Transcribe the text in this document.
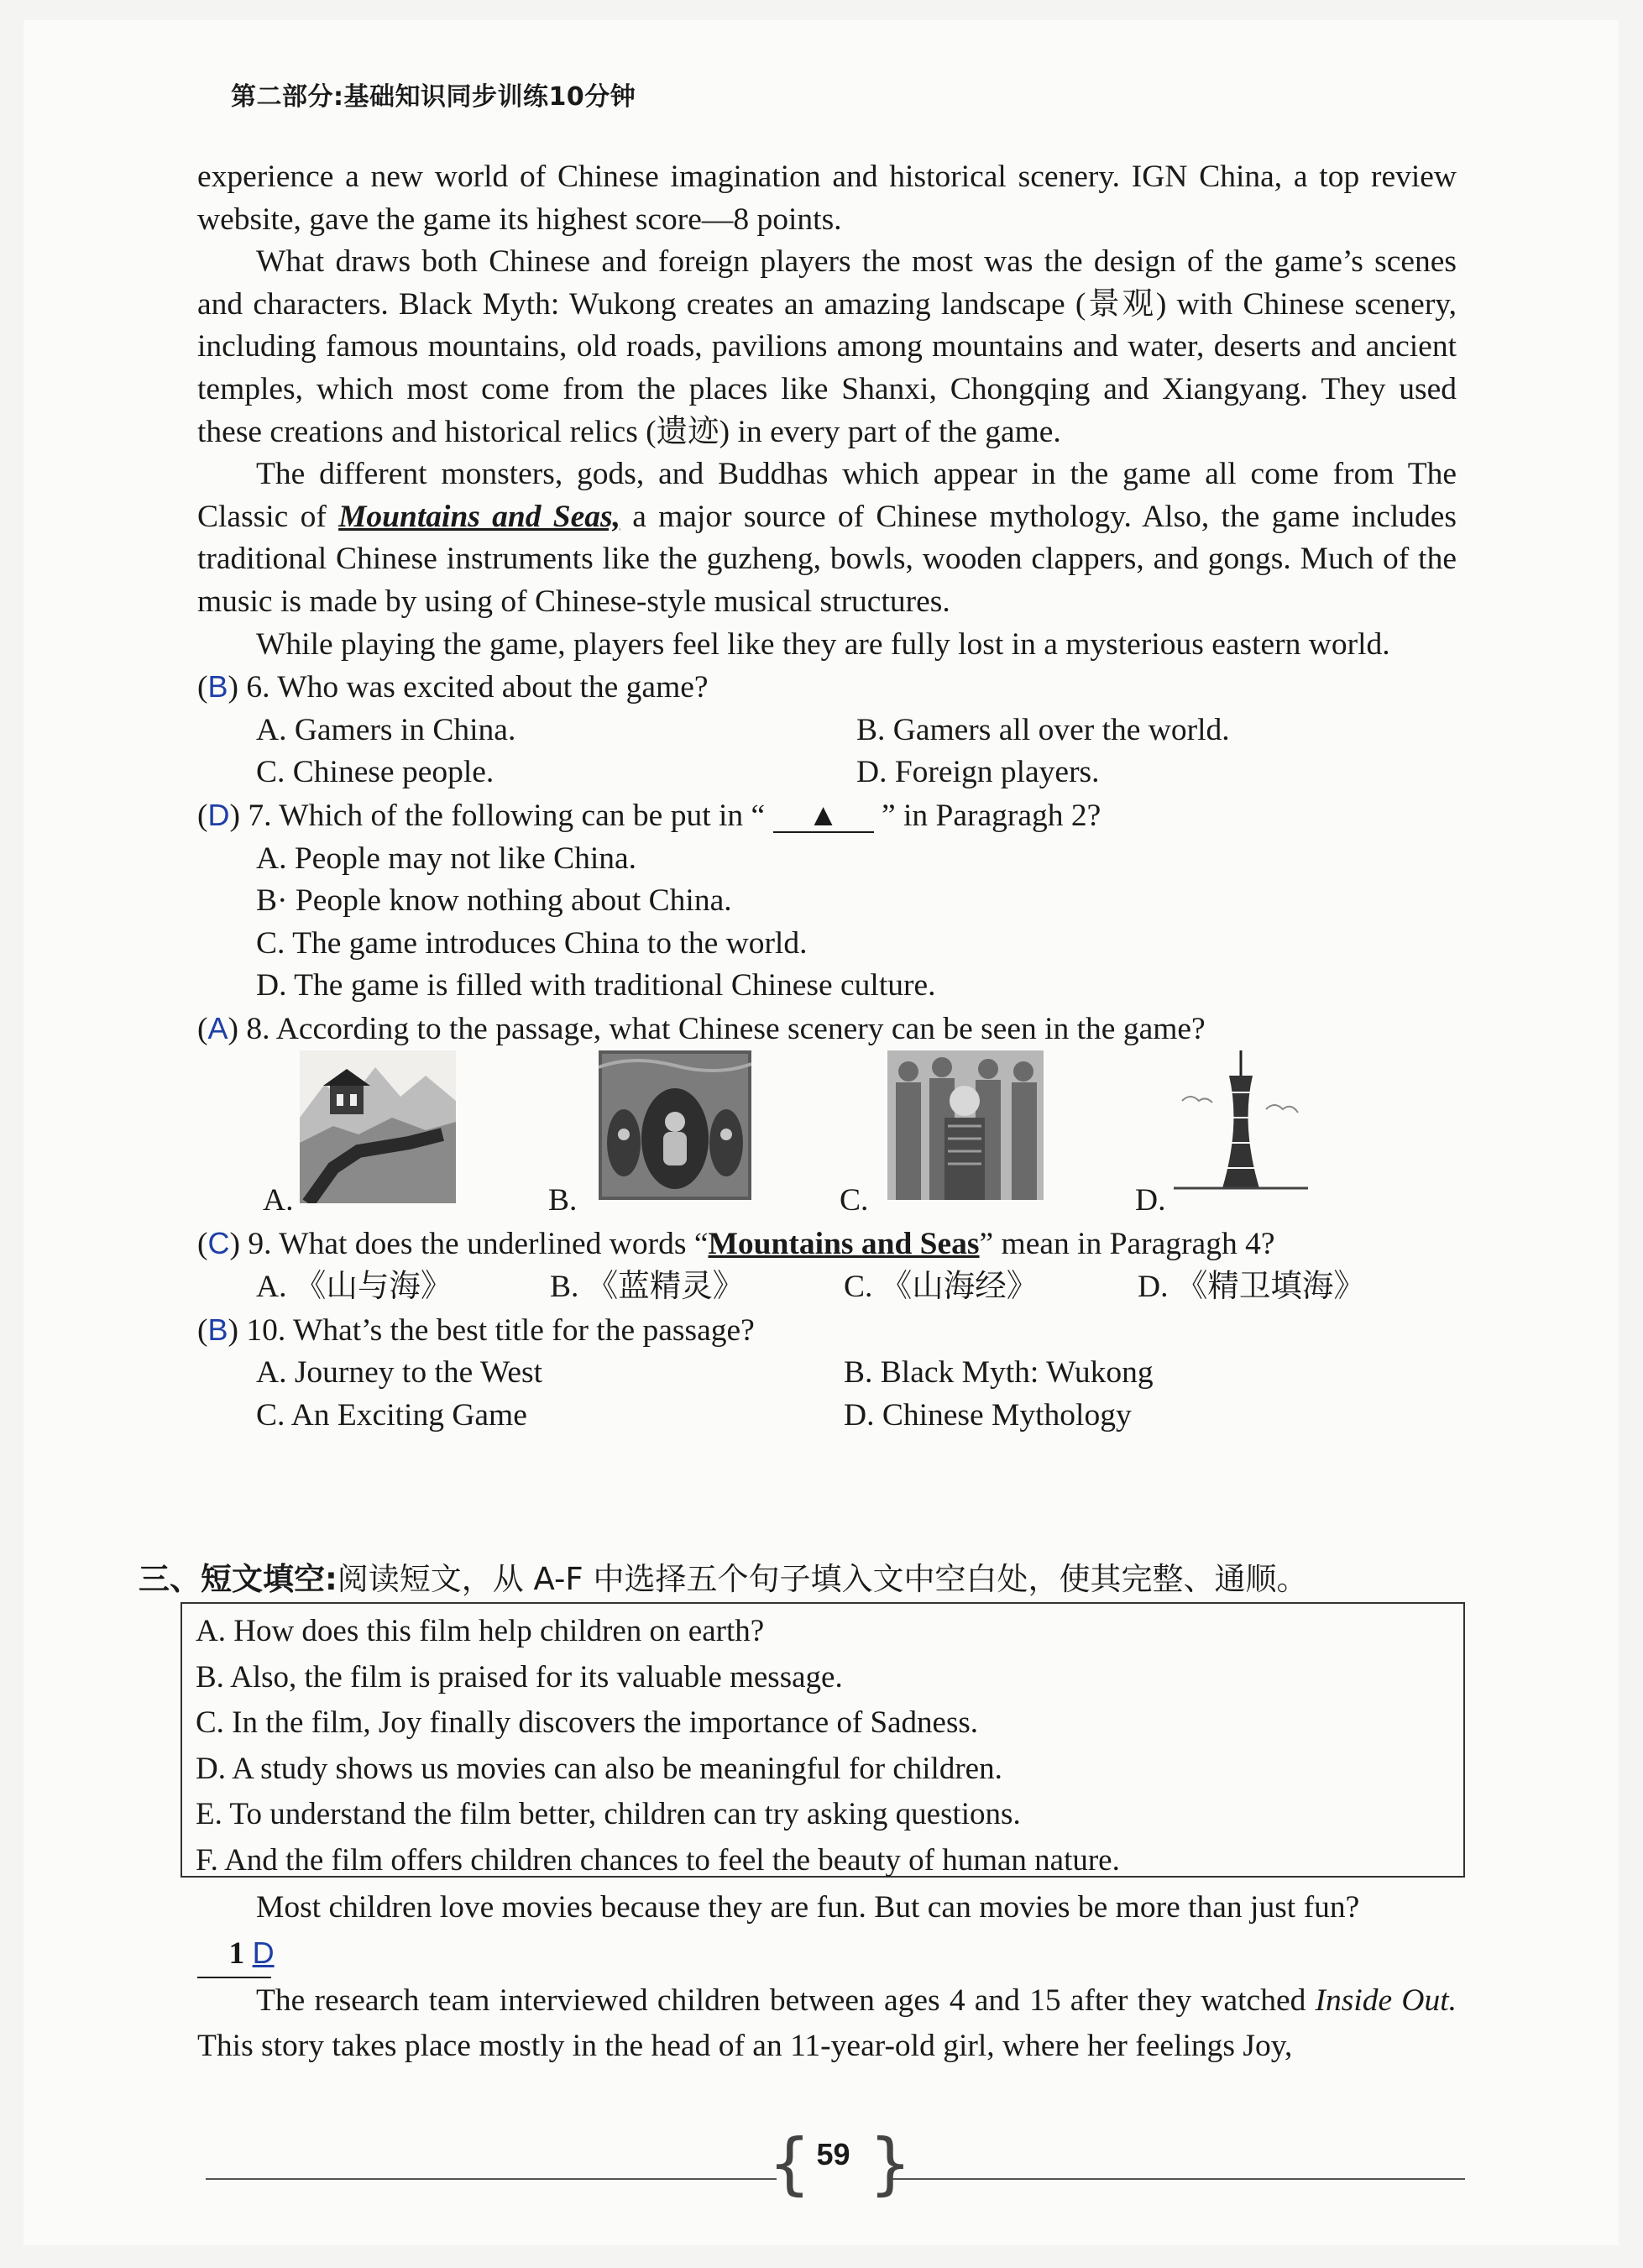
第二部分:基础知识同步训练10分钟

experience a new world of Chinese imagination and historical scenery. IGN China, a top review website, gave the game its highest score—8 points.

What draws both Chinese and foreign players the most was the design of the game’s scenes and characters. Black Myth: Wukong creates an amazing landscape (景观) with Chinese scenery, including famous mountains, old roads, pavilions among mountains and water, deserts and ancient temples, which most come from the places like Shanxi, Chongqing and Xiangyang. They used these creations and historical relics (遗迹) in every part of the game.

The different monsters, gods, and Buddhas which appear in the game all come from The Classic of Mountains and Seas, a major source of Chinese mythology. Also, the game includes traditional Chinese instruments like the guzheng, bowls, wooden clappers, and gongs. Much of the music is made by using of Chinese-style musical structures.

While playing the game, players feel like they are fully lost in a mysterious eastern world.

(B) 6. Who was excited about the game?
A. Gamers in China.	B. Gamers all over the world.
C. Chinese people.	D. Foreign players.
(D) 7. Which of the following can be put in “ ▲ ” in Paragragh 2?
A. People may not like China.
B· People know nothing about China.
C. The game introduces China to the world.
D. The game is filled with traditional Chinese culture.
(A) 8. According to the passage, what Chinese scenery can be seen in the game?
A.	B.	C.	D.
(C) 9. What does the underlined words “Mountains and Seas” mean in Paragragh 4?
A. 《山与海》	B. 《蓝精灵》	C. 《山海经》	D. 《精卫填海》
(B) 10. What’s the best title for the passage?
A. Journey to the West	B. Black Myth: Wukong
C. An Exciting Game	D. Chinese Mythology
三、短文填空:阅读短文，从 A-F 中选择五个句子填入文中空白处，使其完整、通顺。
A. How does this film help children on earth?
B. Also, the film is praised for its valuable message.
C. In the film, Joy finally discovers the importance of Sadness.
D. A study shows us movies can also be meaningful for children.
E. To understand the film better, children can try asking questions.
F. And the film offers children chances to feel the beauty of human nature.

Most children love movies because they are fun. But can movies be more than just fun?

1 D

The research team interviewed children between ages 4 and 15 after they watched Inside Out. This story takes place mostly in the head of an 11-year-old girl, where her feelings Joy,

{ }
59
